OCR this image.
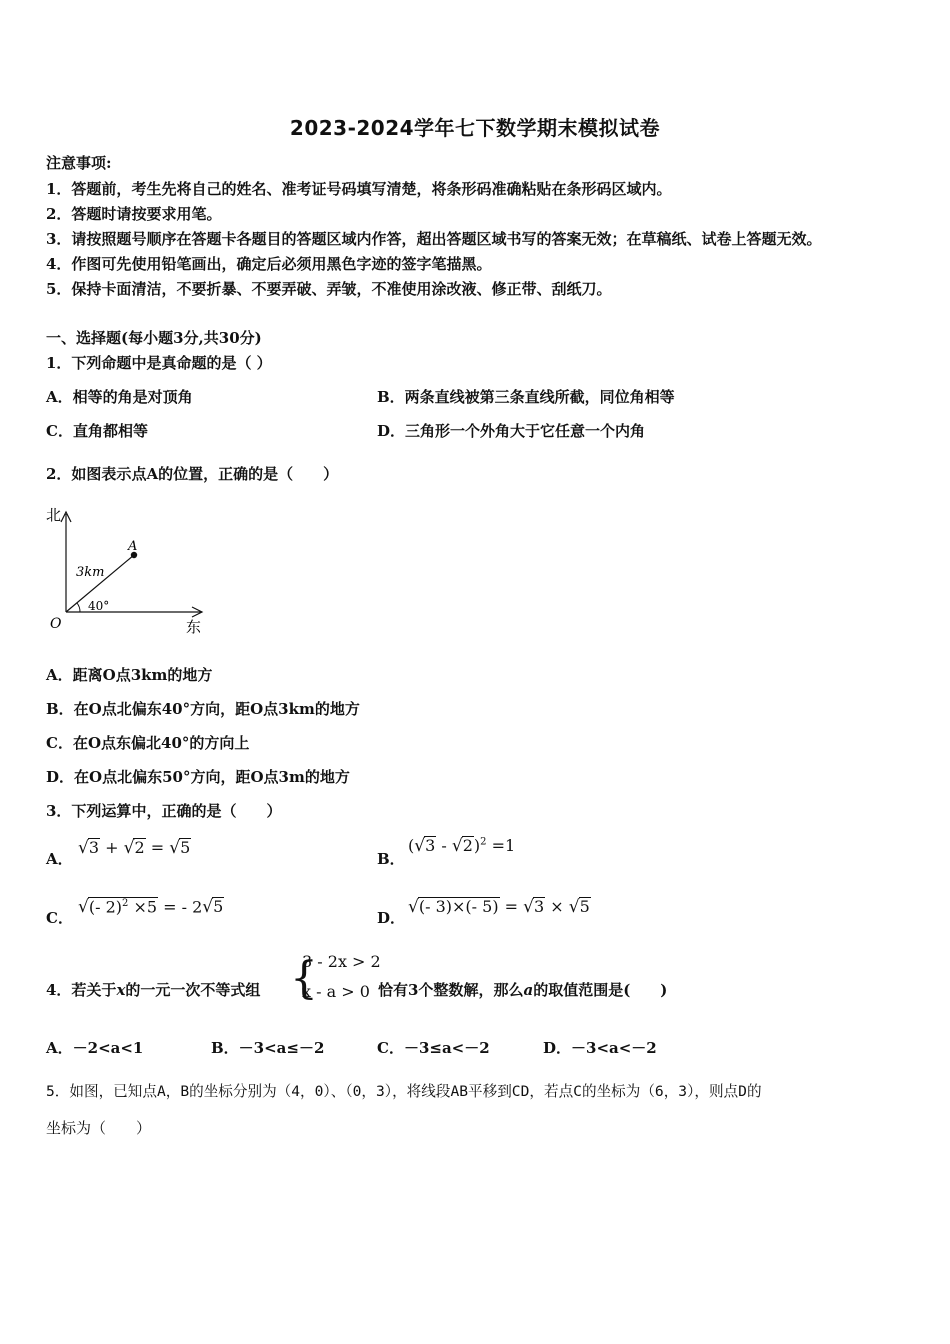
2023-2024学年七下数学期末模拟试卷
注意事项:
1．答题前，考生先将自己的姓名、准考证号码填写清楚，将条形码准确粘贴在条形码区域内。
2．答题时请按要求用笔。
3．请按照题号顺序在答题卡各题目的答题区域内作答，超出答题区域书写的答案无效；在草稿纸、试卷上答题无效。
4．作图可先使用铅笔画出，确定后必须用黑色字迹的签字笔描黑。
5．保持卡面清洁，不要折暴、不要弄破、弄皱，不准使用涂改液、修正带、刮纸刀。
一、选择题(每小题3分,共30分)
1．下列命题中是真命题的是（ ）
A．相等的角是对顶角	B．两条直线被第三条直线所截，同位角相等
C．直角都相等	D．三角形一个外角大于它任意一个内角
2．如图表示点A的位置，正确的是（　　）
北
东
O
A
3km
40°
A．距离O点3km的地方
B．在O点北偏东40°方向，距O点3km的地方
C．在O点东偏北40°的方向上
D．在O点北偏东50°方向，距O点3m的地方
3．下列运算中，正确的是（　　）
A．
√3 + √2 = √5
B．
(√3 - √2)$^2$ =1
C．
√(- 2)$^2$ ×5 = - 2√5
D．
√(- 3)×(- 5) = √3 × √5
4．若关于x的一元一次不等式组 {
3 - 2x > 2
x - a > 0 恰有3个整数解，那么a的取值范围是(　　)
A．－2<a<1	B．－3<a≤－2	C．－3≤a<－2	D．－3<a<－2
5．如图，已知点A，B的坐标分别为（4，0）、（0，3），将线段AB平移到CD，若点C的坐标为（6，3），则点D的
坐标为（　　）
